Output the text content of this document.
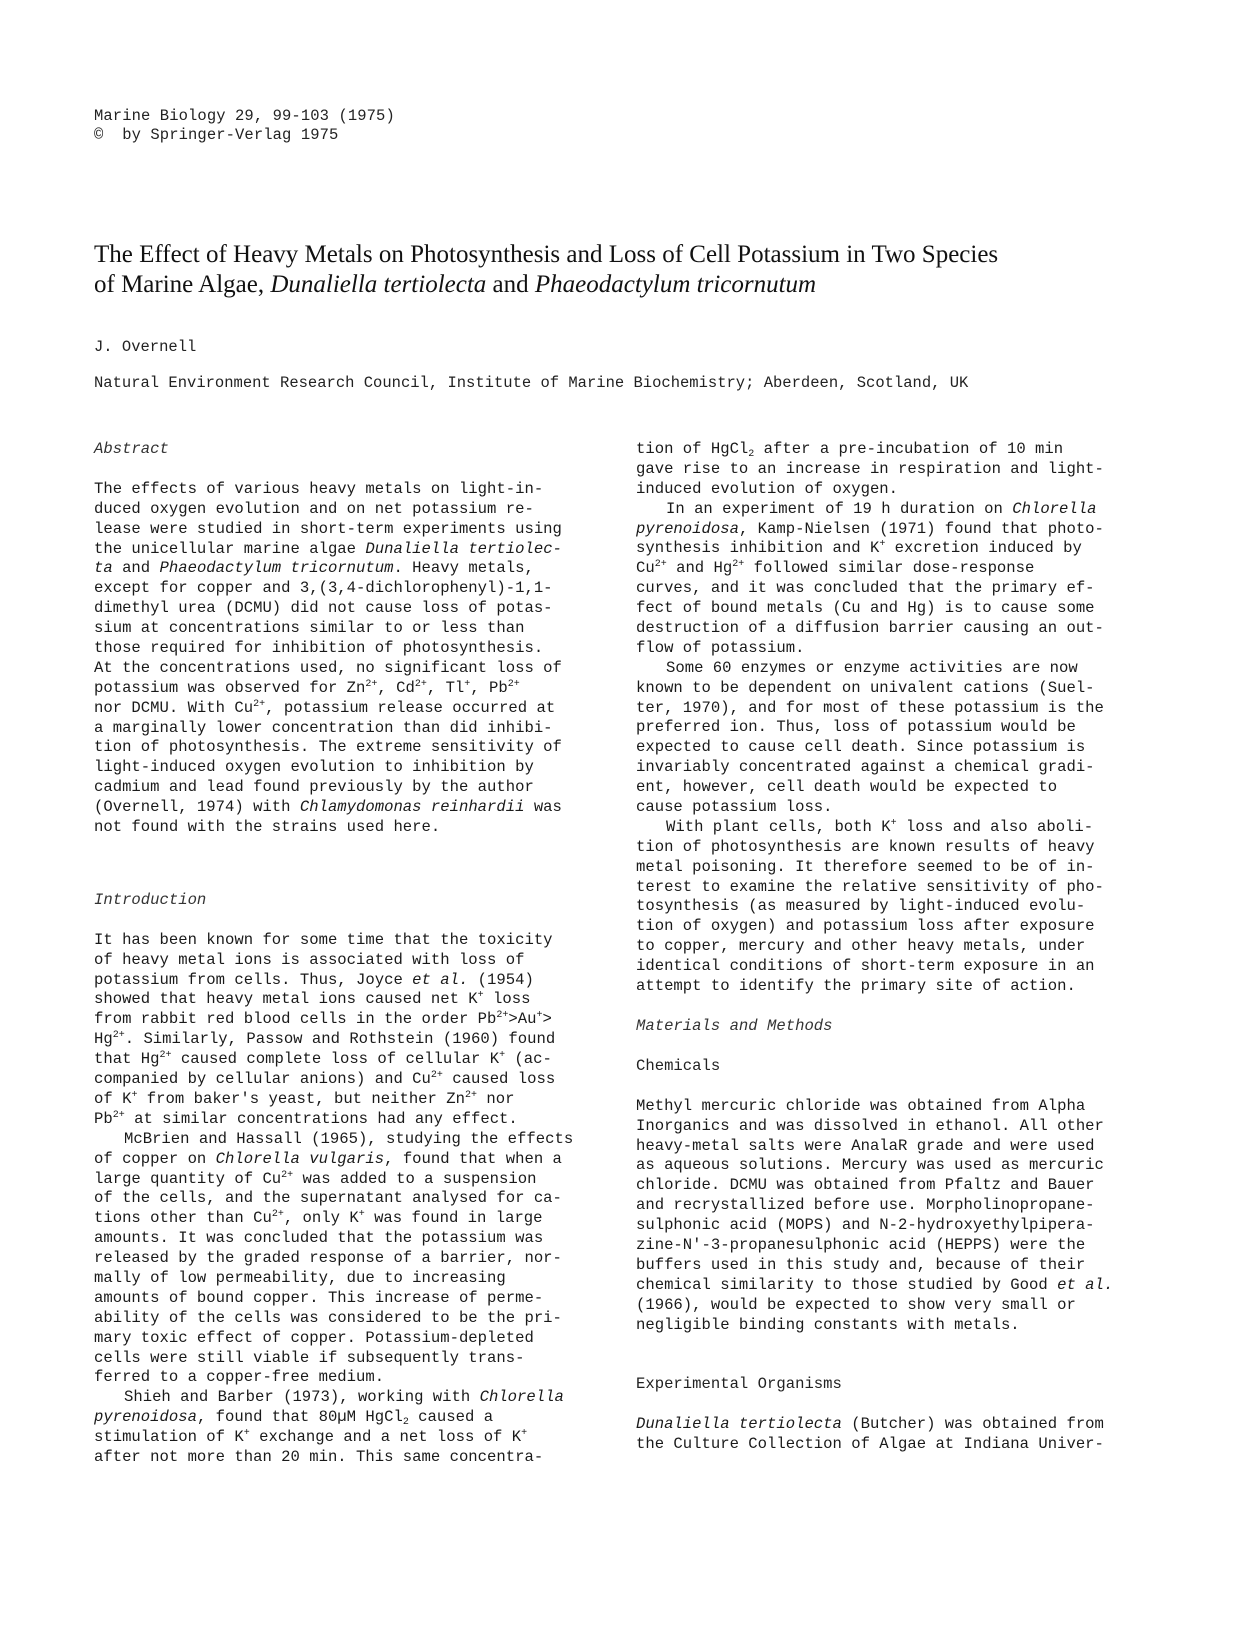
Marine Biology 29, 99-103 (1975)
©  by Springer-Verlag 1975
The Effect of Heavy Metals on Photosynthesis and Loss of Cell Potassium in Two Species
of Marine Algae, Dunaliella tertiolecta and Phaeodactylum tricornutum
J. Overnell
Natural Environment Research Council, Institute of Marine Biochemistry; Aberdeen, Scotland, UK
Abstract
The effects of various heavy metals on light-in-
duced oxygen evolution and on net potassium re-
lease were studied in short-term experiments using
the unicellular marine algae Dunaliella tertiolec-
ta and Phaeodactylum tricornutum. Heavy metals,
except for copper and 3,(3,4-dichlorophenyl)-1,1-
dimethyl urea (DCMU) did not cause loss of potas-
sium at concentrations similar to or less than
those required for inhibition of photosynthesis.
At the concentrations used, no significant loss of
potassium was observed for $Zn^{2+}$, $Cd^{2+}$, Tl+, $Pb^{2+}$
nor DCMU. With $Cu^{2+}$, potassium release occurred at
a marginally lower concentration than did inhibi-
tion of photosynthesis. The extreme sensitivity of
light-induced oxygen evolution to inhibition by
cadmium and lead found previously by the author
(Overnell, 1974) with Chlamydomonas reinhardii was
not found with the strains used here.
Introduction
It has been known for some time that the toxicity
of heavy metal ions is associated with loss of
potassium from cells. Thus, Joyce et al. (1954)
showed that heavy metal ions caused net K+ loss
from rabbit red blood cells in the order $Pb^{2+}>Au^+>$
$Hg^{2+}$. Similarly, Passow and Rothstein (1960) found
that $Hg^{2+}$ caused complete loss of cellular K+ (ac-
companied by cellular anions) and $Cu^{2+}$ caused loss
of K+ from baker's yeast, but neither $Zn^{2+}$ nor
$Pb^{2+}$ at similar concentrations had any effect.
McBrien and Hassall (1965), studying the effects
of copper on Chlorella vulgaris, found that when a
large quantity of $Cu^{2+}$ was added to a suspension
of the cells, and the supernatant analysed for ca-
tions other than $Cu^{2+}$, only K+ was found in large
amounts. It was concluded that the potassium was
released by the graded response of a barrier, nor-
mally of low permeability, due to increasing
amounts of bound copper. This increase of perme-
ability of the cells was considered to be the pri-
mary toxic effect of copper. Potassium-depleted
cells were still viable if subsequently trans-
ferred to a copper-free medium.
Shieh and Barber (1973), working with Chlorella
pyrenoidosa, found that 80µM HgCl$_2$ caused a
stimulation of K+ exchange and a net loss of K+
after not more than 20 min. This same concentra-
tion of HgCl$_2$ after a pre-incubation of 10 min
gave rise to an increase in respiration and light-
induced evolution of oxygen.
In an experiment of 19 h duration on Chlorella
pyrenoidosa, Kamp-Nielsen (1971) found that photo-
synthesis inhibition and K+ excretion induced by
$Cu^{2+}$ and $Hg^{2+}$ followed similar dose-response
curves, and it was concluded that the primary ef-
fect of bound metals (Cu and Hg) is to cause some
destruction of a diffusion barrier causing an out-
flow of potassium.
Some 60 enzymes or enzyme activities are now
known to be dependent on univalent cations (Suel-
ter, 1970), and for most of these potassium is the
preferred ion. Thus, loss of potassium would be
expected to cause cell death. Since potassium is
invariably concentrated against a chemical gradi-
ent, however, cell death would be expected to
cause potassium loss.
With plant cells, both K+ loss and also aboli-
tion of photosynthesis are known results of heavy
metal poisoning. It therefore seemed to be of in-
terest to examine the relative sensitivity of pho-
tosynthesis (as measured by light-induced evolu-
tion of oxygen) and potassium loss after exposure
to copper, mercury and other heavy metals, under
identical conditions of short-term exposure in an
attempt to identify the primary site of action.
Materials and Methods
Chemicals
Methyl mercuric chloride was obtained from Alpha
Inorganics and was dissolved in ethanol. All other
heavy-metal salts were AnalaR grade and were used
as aqueous solutions. Mercury was used as mercuric
chloride. DCMU was obtained from Pfaltz and Bauer
and recrystallized before use. Morpholinopropane-
sulphonic acid (MOPS) and N-2-hydroxyethylpipera-
zine-N'-3-propanesulphonic acid (HEPPS) were the
buffers used in this study and, because of their
chemical similarity to those studied by Good et al.
(1966), would be expected to show very small or
negligible binding constants with metals.
Experimental Organisms
Dunaliella tertiolecta (Butcher) was obtained from
the Culture Collection of Algae at Indiana Univer-
